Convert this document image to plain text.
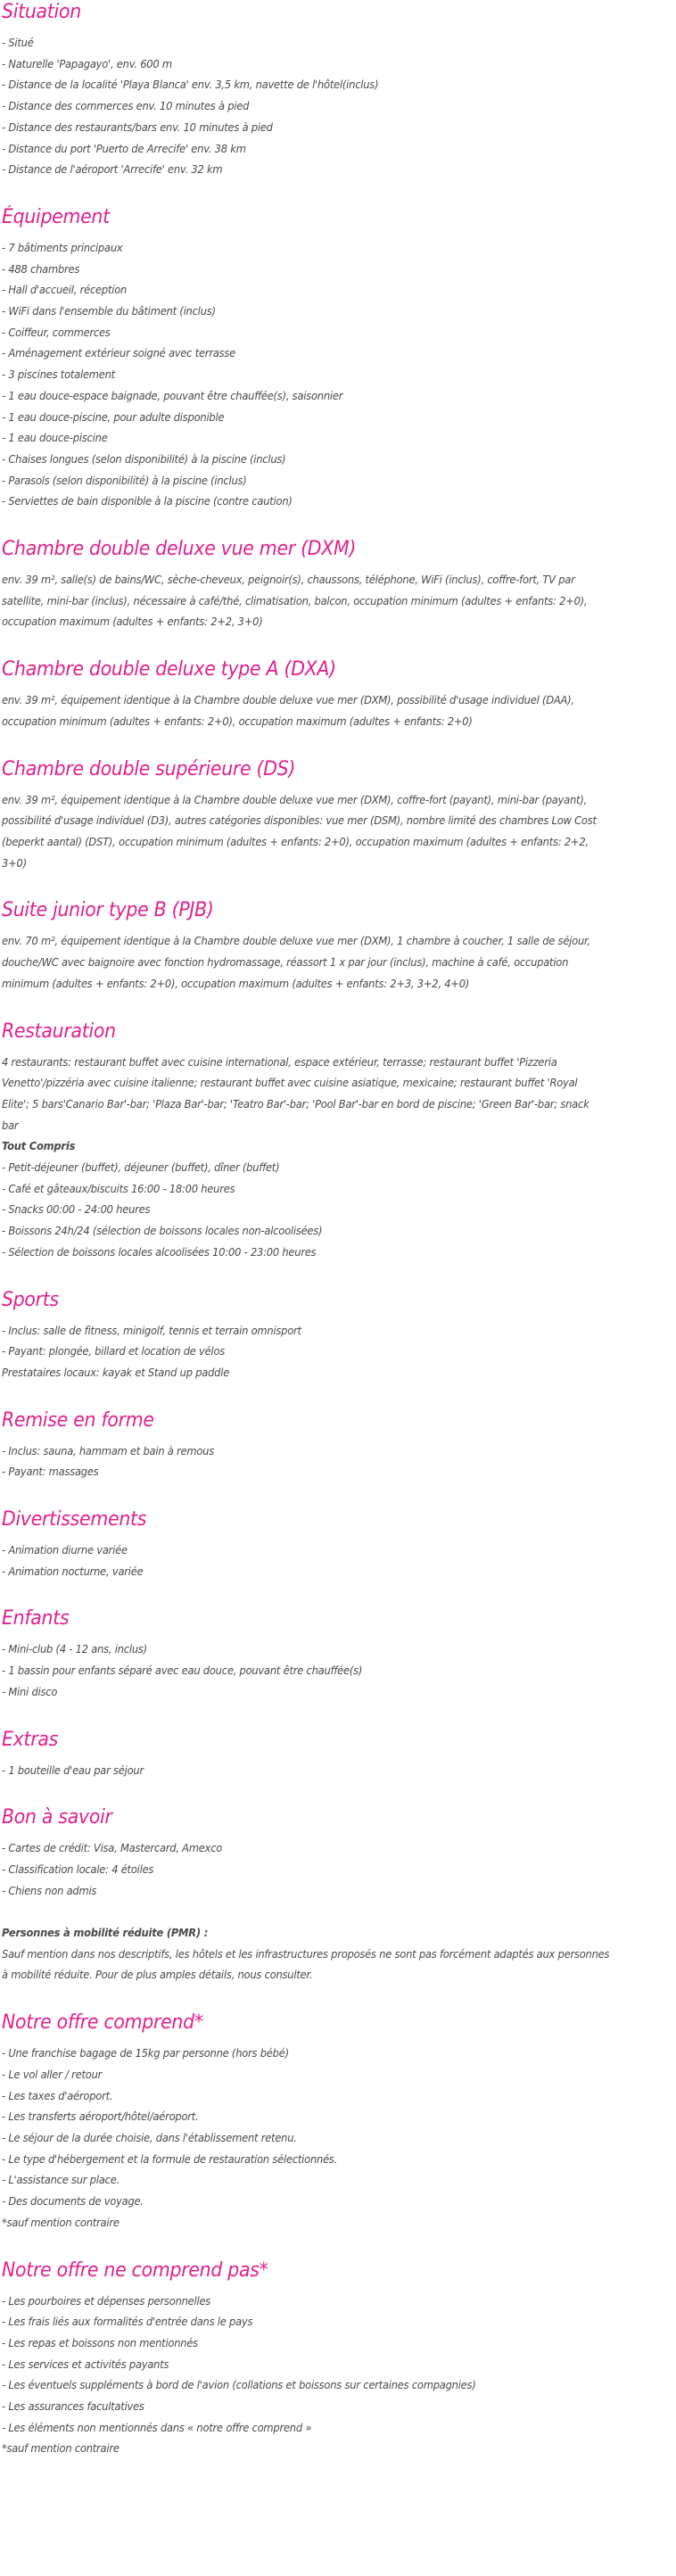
Situation
- Situé
- Naturelle 'Papagayo', env. 600 m
- Distance de la localité 'Playa Blanca' env. 3,5 km, navette de l'hôtel(inclus)
- Distance des commerces env. 10 minutes à pied
- Distance des restaurants/bars env. 10 minutes à pied
- Distance du port 'Puerto de Arrecife' env. 38 km
- Distance de l'aéroport 'Arrecife' env. 32 km
Équipement
- 7 bâtiments principaux
- 488 chambres
- Hall d'accueil, réception
- WiFi dans l'ensemble du bâtiment (inclus)
- Coiffeur, commerces
- Aménagement extérieur soigné avec terrasse
- 3 piscines totalement
- 1 eau douce-espace baignade, pouvant être chauffée(s), saisonnier
- 1 eau douce-piscine, pour adulte disponible
- 1 eau douce-piscine
- Chaises longues (selon disponibilité) à la piscine (inclus)
- Parasols (selon disponibilité) à la piscine (inclus)
- Serviettes de bain disponible à la piscine (contre caution)
Chambre double deluxe vue mer (DXM)
env. 39 m², salle(s) de bains/WC, sèche-cheveux, peignoir(s), chaussons, téléphone, WiFi (inclus), coffre-fort, TV par
satellite, mini-bar (inclus), nécessaire à café/thé, climatisation, balcon, occupation minimum (adultes + enfants: 2+0),
occupation maximum (adultes + enfants: 2+2, 3+0)
Chambre double deluxe type A (DXA)
env. 39 m², équipement identique à la Chambre double deluxe vue mer (DXM), possibilité d'usage individuel (DAA),
occupation minimum (adultes + enfants: 2+0), occupation maximum (adultes + enfants: 2+0)
Chambre double supérieure (DS)
env. 39 m², équipement identique à la Chambre double deluxe vue mer (DXM), coffre-fort (payant), mini-bar (payant),
possibilité d'usage individuel (D3), autres catégories disponibles: vue mer (DSM), nombre limité des chambres Low Cost
(beperkt aantal) (DST), occupation minimum (adultes + enfants: 2+0), occupation maximum (adultes + enfants: 2+2,
3+0)
Suite junior type B (PJB)
env. 70 m², équipement identique à la Chambre double deluxe vue mer (DXM), 1 chambre à coucher, 1 salle de séjour,
douche/WC avec baignoire avec fonction hydromassage, réassort 1 x par jour (inclus), machine à café, occupation
minimum (adultes + enfants: 2+0), occupation maximum (adultes + enfants: 2+3, 3+2, 4+0)
Restauration
4 restaurants: restaurant buffet avec cuisine international, espace extérieur, terrasse; restaurant buffet 'Pizzeria
Venetto'/pizzéria avec cuisine italienne; restaurant buffet avec cuisine asiatique, mexicaine; restaurant buffet 'Royal
Elite'; 5 bars'Canario Bar'-bar; 'Plaza Bar'-bar; 'Teatro Bar'-bar; 'Pool Bar'-bar en bord de piscine; 'Green Bar'-bar; snack
bar
Tout Compris
- Petit-déjeuner (buffet), déjeuner (buffet), dîner (buffet)
- Café et gâteaux/biscuits 16:00 - 18:00 heures
- Snacks 00:00 - 24:00 heures
- Boissons 24h/24 (sélection de boissons locales non-alcoolisées)
- Sélection de boissons locales alcoolisées 10:00 - 23:00 heures
Sports
- Inclus: salle de fitness, minigolf, tennis et terrain omnisport
- Payant: plongée, billard et location de vélos
Prestataires locaux: kayak et Stand up paddle
Remise en forme
- Inclus: sauna, hammam et bain à remous
- Payant: massages
Divertissements
- Animation diurne variée
- Animation nocturne, variée
Enfants
- Mini-club (4 - 12 ans, inclus)
- 1 bassin pour enfants séparé avec eau douce, pouvant être chauffée(s)
- Mini disco
Extras
- 1 bouteille d'eau par séjour
Bon à savoir
- Cartes de crédit: Visa, Mastercard, Amexco
- Classification locale: 4 étoiles
- Chiens non admis
Personnes à mobilité réduite (PMR) :
Sauf mention dans nos descriptifs, les hôtels et les infrastructures proposés ne sont pas forcément adaptés aux personnes
à mobilité réduite. Pour de plus amples détails, nous consulter.
Notre offre comprend*
- Une franchise bagage de 15kg par personne (hors bébé)
- Le vol aller / retour
- Les taxes d'aéroport.
- Les transferts aéroport/hôtel/aéroport.
- Le séjour de la durée choisie, dans l'établissement retenu.
- Le type d'hébergement et la formule de restauration sélectionnés.
- L'assistance sur place.
- Des documents de voyage.
*sauf mention contraire
Notre offre ne comprend pas*
- Les pourboires et dépenses personnelles
- Les frais liés aux formalités d'entrée dans le pays
- Les repas et boissons non mentionnés
- Les services et activités payants
- Les éventuels suppléments à bord de l'avion (collations et boissons sur certaines compagnies)
- Les assurances facultatives
- Les éléments non mentionnés dans « notre offre comprend »
*sauf mention contraire
